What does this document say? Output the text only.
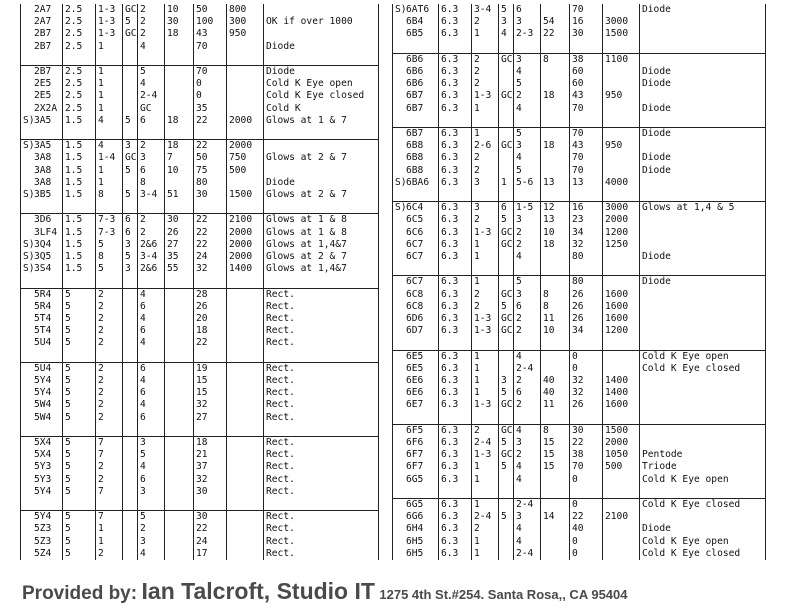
2A7	2.5	1-3	GC	2	10	50	800	
2A7	2.5	1-3	5	2	30	100	300	OK if over 1000
2B7	2.5	1-3	GC	2	18	43	950	
2B7	2.5	1		4		70		Diode

2B7	2.5	1		5		70		Diode
2E5	2.5	1		4		0		Cold K Eye open
2E5	2.5	1		2-4		0		Cold K Eye closed
2X2A	2.5	1		GC		35		Cold K
S)3A5	1.5	4	5	6	18	22	2000	Glows at 1 & 7

S)3A5	1.5	4	3	2	18	22	2000	
3A8	1.5	1-4	GC	3	7	50	750	Glows at 2 & 7
3A8	1.5	1	5	6	10	75	500	
3A8	1.5	1		8		80		Diode
S)3B5	1.5	8	5	3-4	51	30	1500	Glows at 2 & 7

3D6	1.5	7-3	6	2	30	22	2100	Glows at 1 & 8
3LF4	1.5	7-3	6	2	26	22	2000	Glows at 1 & 8
S)3Q4	1.5	5	3	2&6	27	22	2000	Glows at 1,4&7
S)3Q5	1.5	8	5	3-4	35	24	2000	Glows at 2 & 7
S)3S4	1.5	5	3	2&6	55	32	1400	Glows at 1,4&7

5R4	5	2		4		28		Rect.
5R4	5	2		6		26		Rect.
5T4	5	2		4		20		Rect.
5T4	5	2		6		18		Rect.
5U4	5	2		4		22		Rect.

5U4	5	2		6		19		Rect.
5Y4	5	2		4		15		Rect.
5Y4	5	2		6		15		Rect.
5W4	5	2		4		32		Rect.
5W4	5	2		6		27		Rect.

5X4	5	7		3		18		Rect.
5X4	5	7		5		21		Rect.
5Y3	5	2		4		37		Rect.
5Y3	5	2		6		32		Rect.
5Y4	5	7		3		30		Rect.

5Y4	5	7		5		30		Rect.
5Z3	5	1		2		22		Rect.
5Z3	5	1		3		24		Rect.
5Z4	5	2		4		17		Rect.
S)6AT6	6.3	3-4	5	6		70		Diode
6B4	6.3	2	3	3	54	16	3000	
6B5	6.3	1	4	2-3	22	30	1500	

6B6	6.3	2	GC	3	8	38	1100	
6B6	6.3	2		4		60		Diode
6B6	6.3	2		5		60		Diode
6B7	6.3	1-3	GC	2	18	43	950	
6B7	6.3	1		4		70		Diode

6B7	6.3	1		5		70		Diode
6B8	6.3	2-6	GC	3	18	43	950	
6B8	6.3	2		4		70		Diode
6B8	6.3	2		5		70		Diode
S)6BA6	6.3	3	1	5-6	13	13	4000	

S)6C4	6.3	3	6	1-5	12	16	3000	Glows at 1,4 & 5
6C5	6.3	2	5	3	13	23	2000	
6C6	6.3	1-3	GC	2	10	34	1200	
6C7	6.3	1	GC	2	18	32	1250	
6C7	6.3	1		4		80		Diode

6C7	6.3	1		5		80		Diode
6C8	6.3	2	GC	3	8	26	1600	
6C8	6.3	2	5	6	8	26	1600	
6D6	6.3	1-3	GC	2	11	26	1600	
6D7	6.3	1-3	GC	2	10	34	1200	

6E5	6.3	1		4		0		Cold K Eye open
6E5	6.3	1		2-4		0		Cold K Eye closed
6E6	6.3	1	3	2	40	32	1400	
6E6	6.3	1	5	6	40	32	1400	
6E7	6.3	1-3	GC	2	11	26	1600	

6F5	6.3	2	GC	4	8	30	1500	
6F6	6.3	2-4	5	3	15	22	2000	
6F7	6.3	1-3	GC	2	15	38	1050	Pentode
6F7	6.3	1	5	4	15	70	500	Triode
6G5	6.3	1		4		0		Cold K Eye open

6G5	6.3	1		2-4		0		Cold K Eye closed
6G6	6.3	2-4	5	3	14	22	2100	
6H4	6.3	2		4		40		Diode
6H5	6.3	1		4		0		Cold K Eye open
6H5	6.3	1		2-4		0		Cold K Eye closed
Provided by: Ian Talcroft, Studio IT 1275 4th St.#254. Santa Rosa,, CA 95404
